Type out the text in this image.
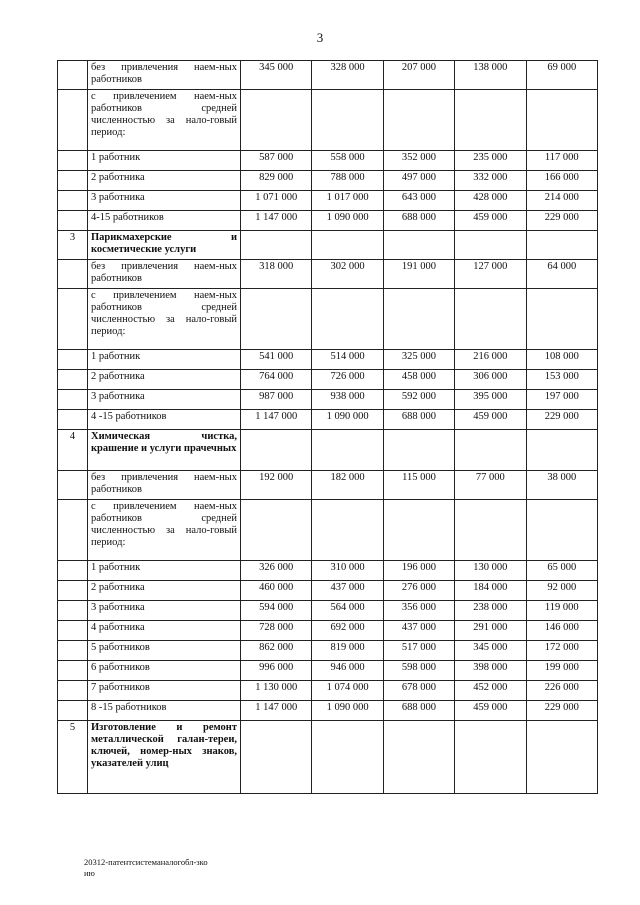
3
	без привлечения наем-ных работников	345 000	328 000	207 000	138 000	69 000
	с привлечением наем-ных работников средней численностью за нало-говый период:					
	1 работник	587 000	558 000	352 000	235 000	117 000
	2 работника	829 000	788 000	497 000	332 000	166 000
	3 работника	1 071 000	1 017 000	643 000	428 000	214 000
	4-15 работников	1 147 000	1 090 000	688 000	459 000	229 000
3	Парикмахерские и косметические услуги					
	без привлечения наем-ных работников	318 000	302 000	191 000	127 000	64 000
	с привлечением наем-ных работников средней численностью за нало-говый период:					
	1 работник	541 000	514 000	325 000	216 000	108 000
	2 работника	764 000	726 000	458 000	306 000	153 000
	3 работника	987 000	938 000	592 000	395 000	197 000
	4 -15 работников	1 147 000	1 090 000	688 000	459 000	229 000
4	Химическая чистка, крашение и услуги прачечных					
	без привлечения наем-ных работников	192 000	182 000	115 000	77 000	38 000
	с привлечением наем-ных работников средней численностью за нало-говый период:					
	1 работник	326 000	310 000	196 000	130 000	65 000
	2 работника	460 000	437 000	276 000	184 000	92 000
	3 работника	594 000	564 000	356 000	238 000	119 000
	4 работника	728 000	692 000	437 000	291 000	146 000
	5 работников	862 000	819 000	517 000	345 000	172 000
	6 работников	996 000	946 000	598 000	398 000	199 000
	7 работников	1 130 000	1 074 000	678 000	452 000	226 000
	8 -15 работников	1 147 000	1 090 000	688 000	459 000	229 000
5	Изготовление и ремонт металлической галан-тереи, ключей, номер-ных знаков, указателей улиц					
20312-патентсистеманалогобл-зко
ию
